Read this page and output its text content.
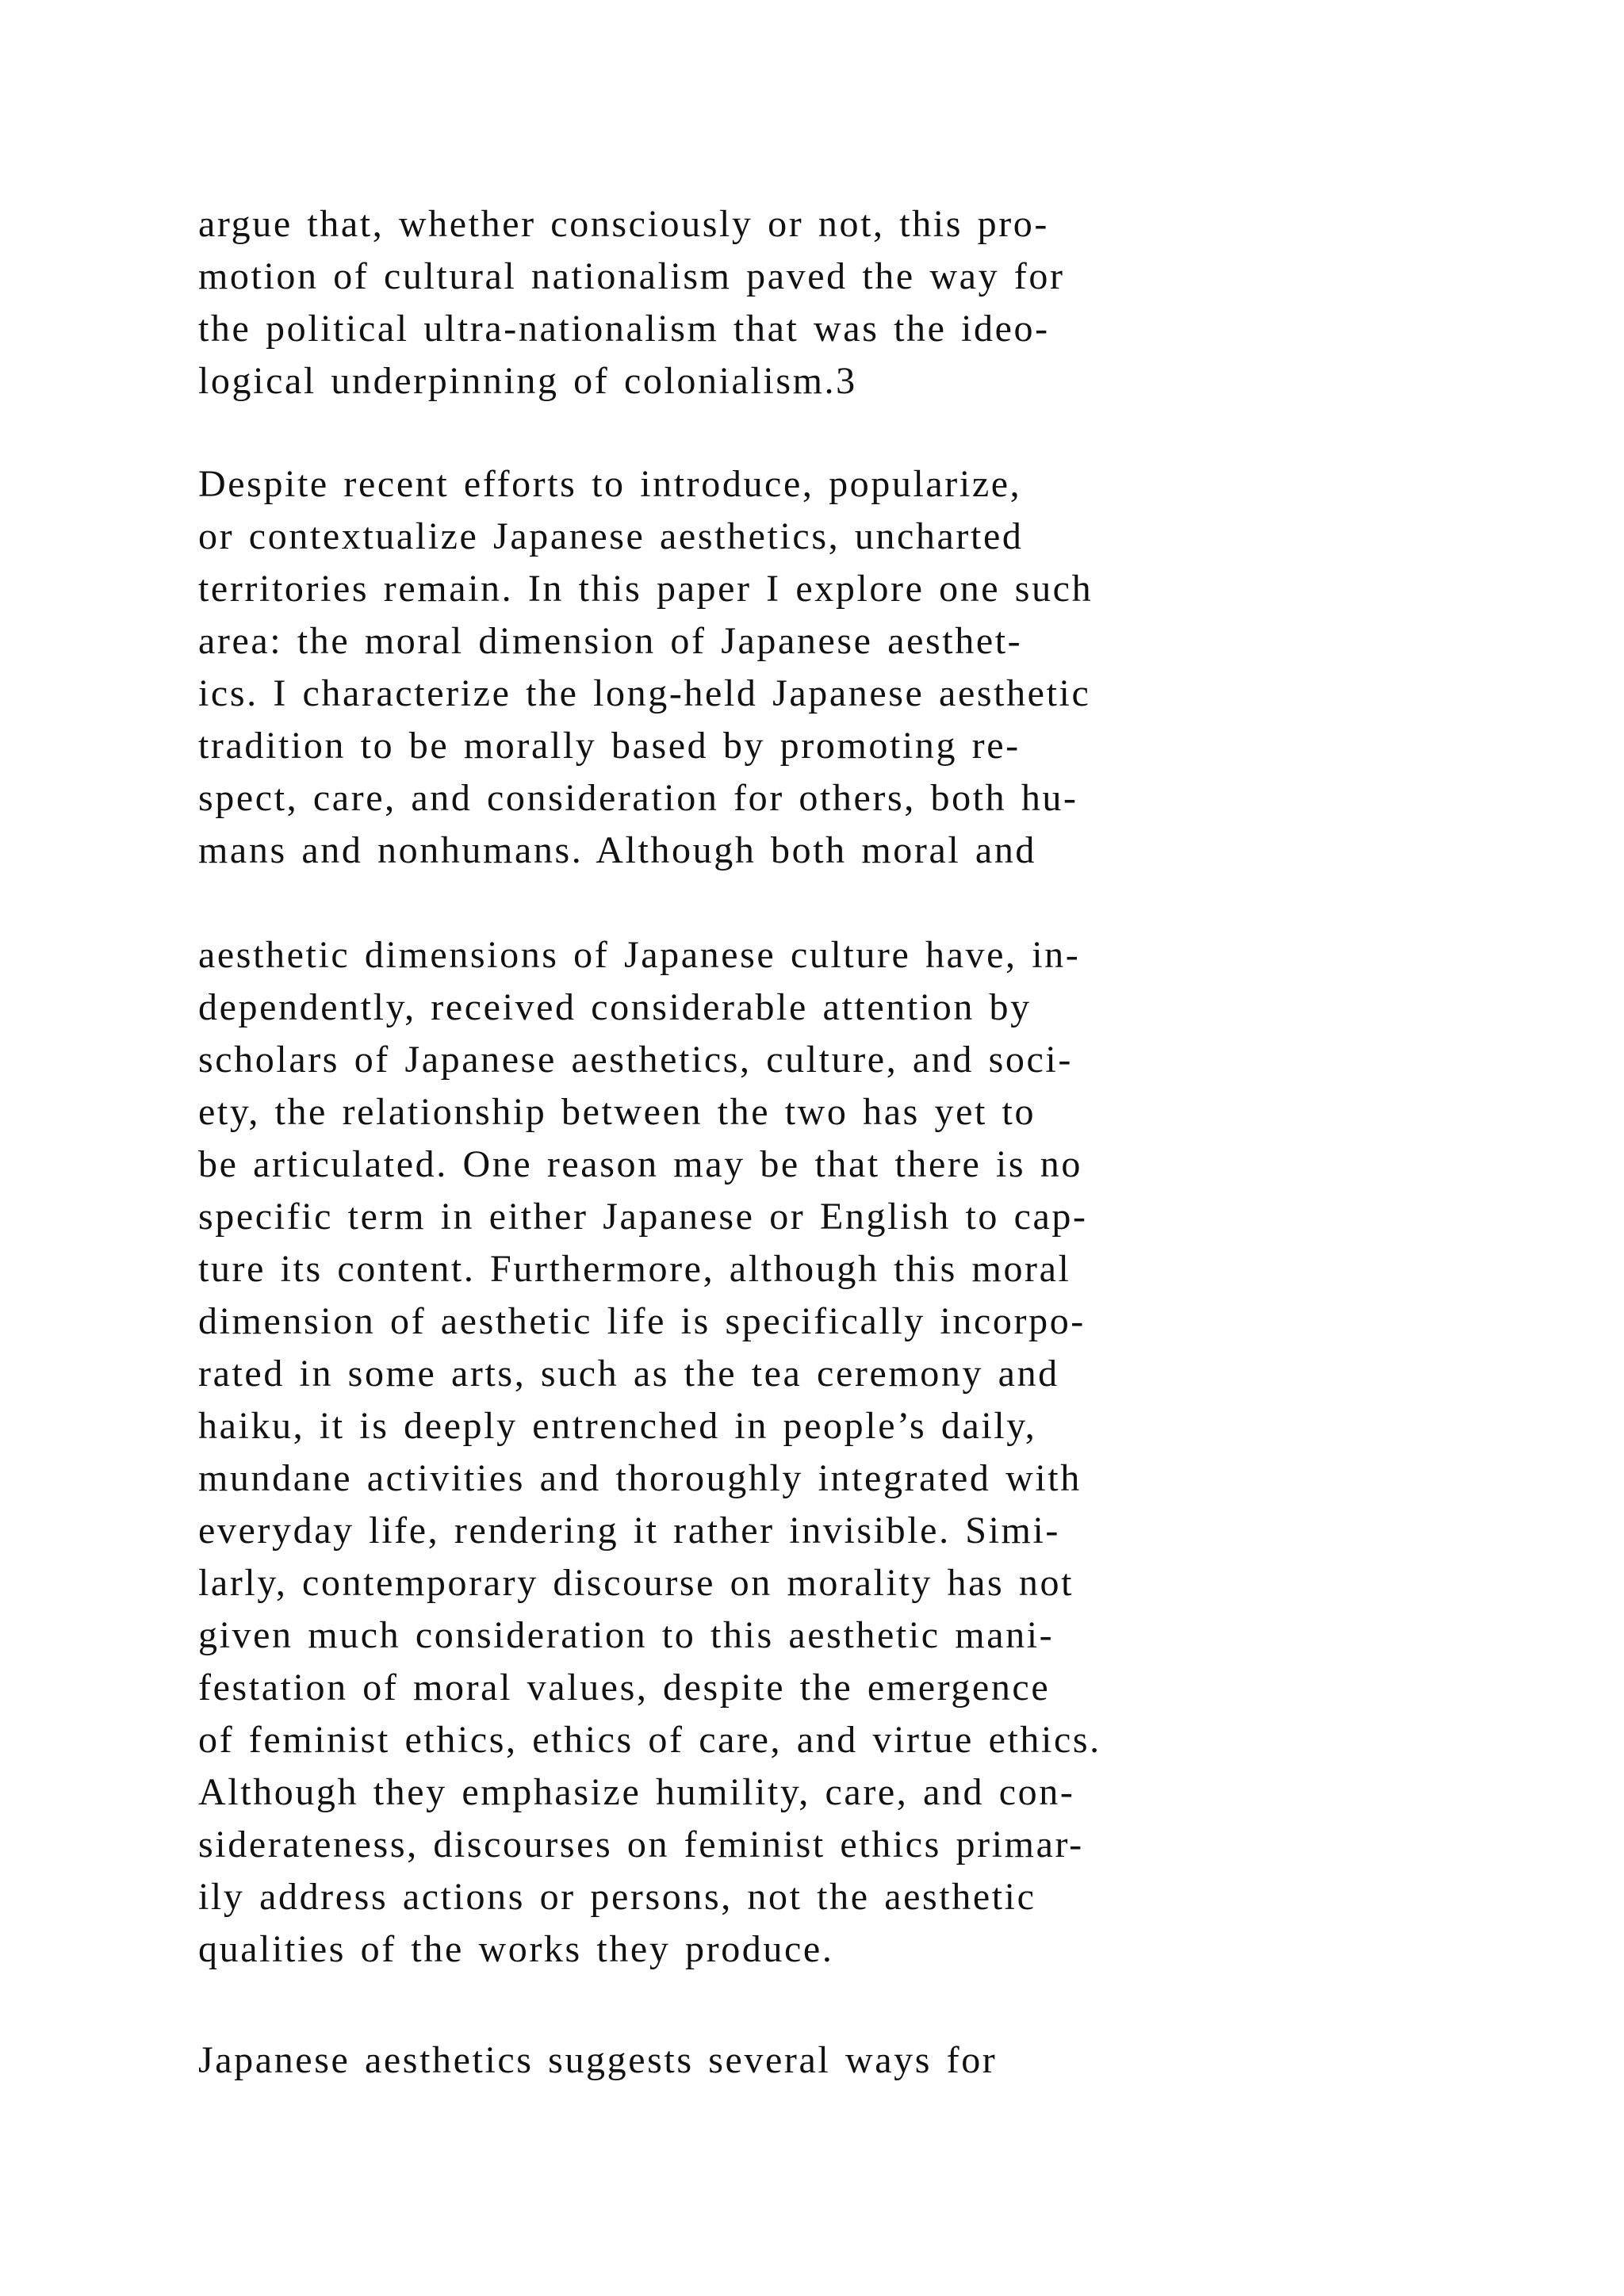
argue that, whether consciously or not, this pro-
motion of cultural nationalism paved the way for
the political ultra-nationalism that was the ideo-
logical underpinning of colonialism.3
Despite recent efforts to introduce, popularize,
or contextualize Japanese aesthetics, uncharted
territories remain. In this paper I explore one such
area: the moral dimension of Japanese aesthet-
ics. I characterize the long-held Japanese aesthetic
tradition to be morally based by promoting re-
spect, care, and consideration for others, both hu-
mans and nonhumans. Although both moral and
aesthetic dimensions of Japanese culture have, in-
dependently, received considerable attention by
scholars of Japanese aesthetics, culture, and soci-
ety, the relationship between the two has yet to
be articulated. One reason may be that there is no
specific term in either Japanese or English to cap-
ture its content. Furthermore, although this moral
dimension of aesthetic life is specifically incorpo-
rated in some arts, such as the tea ceremony and
haiku, it is deeply entrenched in people’s daily,
mundane activities and thoroughly integrated with
everyday life, rendering it rather invisible. Simi-
larly, contemporary discourse on morality has not
given much consideration to this aesthetic mani-
festation of moral values, despite the emergence
of feminist ethics, ethics of care, and virtue ethics.
Although they emphasize humility, care, and con-
siderateness, discourses on feminist ethics primar-
ily address actions or persons, not the aesthetic
qualities of the works they produce.
Japanese aesthetics suggests several ways for
